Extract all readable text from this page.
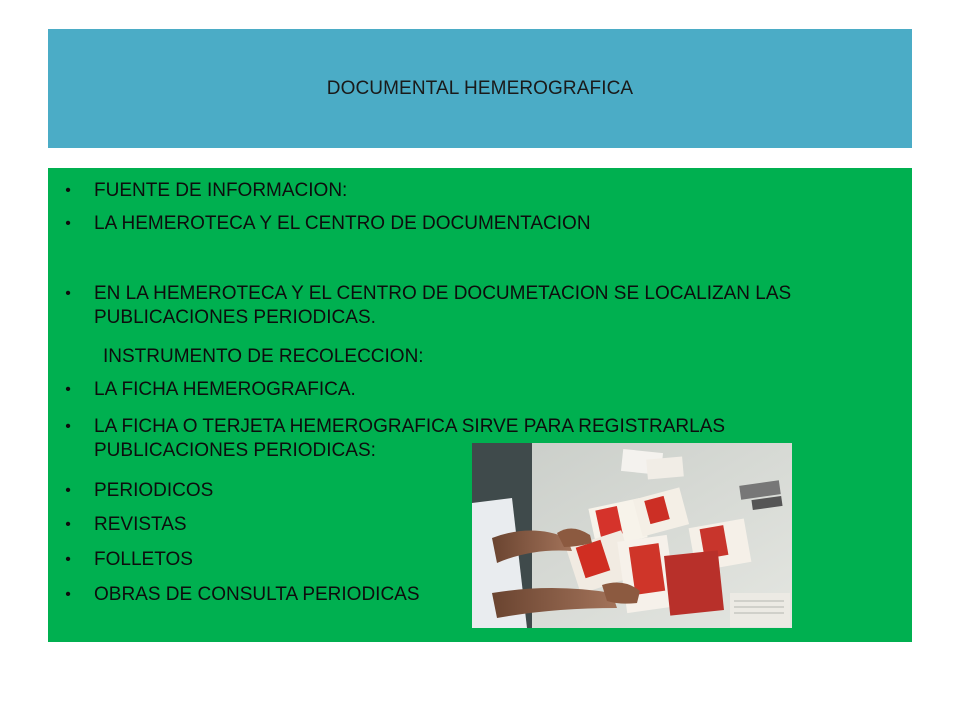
DOCUMENTAL HEMEROGRAFICA
• FUENTE DE INFORMACION:
• LA HEMEROTECA Y EL CENTRO DE DOCUMENTACION
• EN LA HEMEROTECA Y EL CENTRO DE DOCUMETACION SE LOCALIZAN LAS PUBLICACIONES PERIODICAS.
INSTRUMENTO DE RECOLECCION:
• LA FICHA HEMEROGRAFICA.
• LA FICHA O TERJETA HEMEROGRAFICA SIRVE PARA REGISTRARLAS PUBLICACIONES PERIODICAS:
• PERIODICOS
• REVISTAS
• FOLLETOS
• OBRAS DE CONSULTA PERIODICAS
